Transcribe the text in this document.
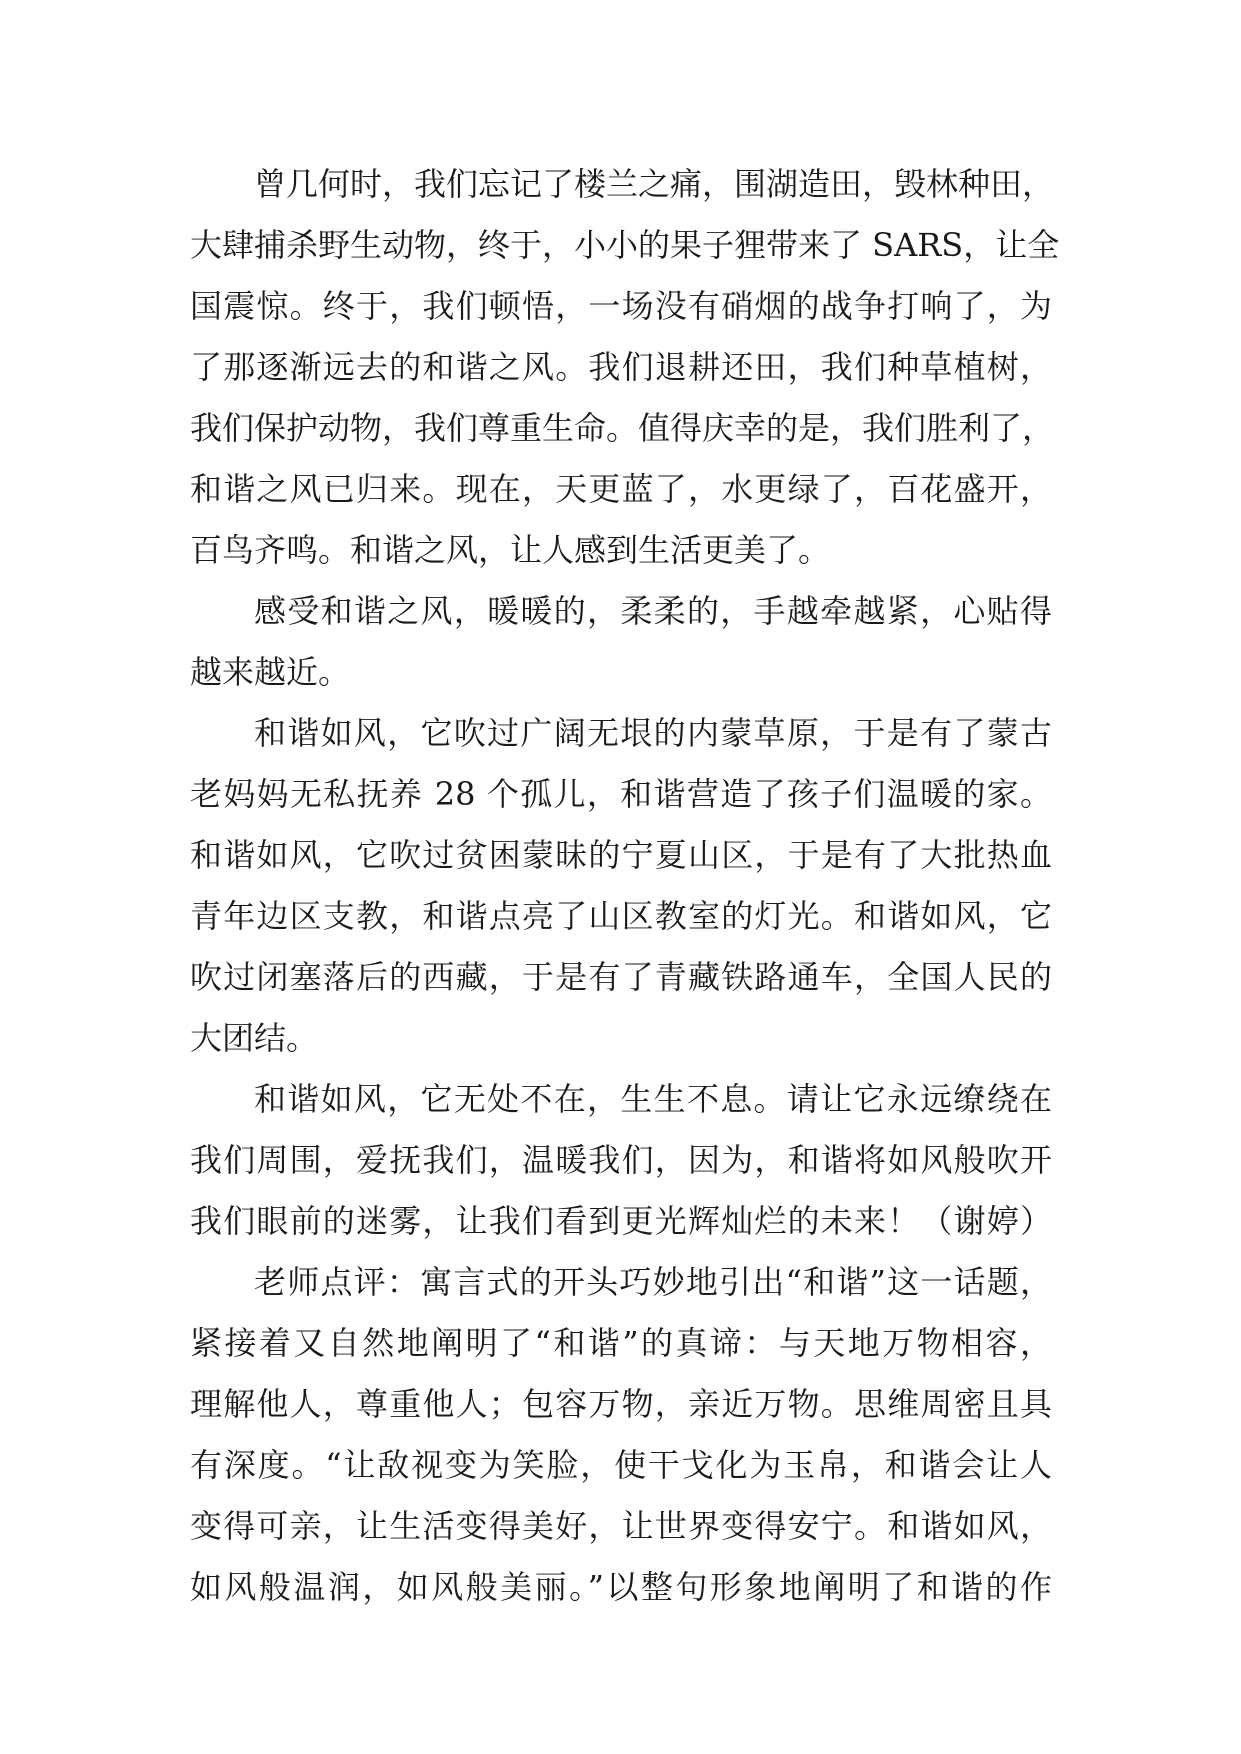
曾几何时，我们忘记了楼兰之痛，围湖造田，毁林种田，
大肆捕杀野生动物，终于，小小的果子狸带来了 SARS，让全
国震惊。终于，我们顿悟，一场没有硝烟的战争打响了，为
了那逐渐远去的和谐之风。我们退耕还田，我们种草植树，
我们保护动物，我们尊重生命。值得庆幸的是，我们胜利了，
和谐之风已归来。现在，天更蓝了，水更绿了，百花盛开，
百鸟齐鸣。和谐之风，让人感到生活更美了。
感受和谐之风，暖暖的，柔柔的，手越牵越紧，心贴得
越来越近。
和谐如风，它吹过广阔无垠的内蒙草原，于是有了蒙古
老妈妈无私抚养 28 个孤儿，和谐营造了孩子们温暖的家。
和谐如风，它吹过贫困蒙昧的宁夏山区，于是有了大批热血
青年边区支教，和谐点亮了山区教室的灯光。和谐如风，它
吹过闭塞落后的西藏，于是有了青藏铁路通车，全国人民的
大团结。
和谐如风，它无处不在，生生不息。请让它永远缭绕在
我们周围，爱抚我们，温暖我们，因为，和谐将如风般吹开
我们眼前的迷雾，让我们看到更光辉灿烂的未来！（谢婷）
老师点评：寓言式的开头巧妙地引出“和谐”这一话题，
紧接着又自然地阐明了“和谐”的真谛：与天地万物相容，
理解他人，尊重他人；包容万物，亲近万物。思维周密且具
有深度。“让敌视变为笑脸，使干戈化为玉帛，和谐会让人
变得可亲，让生活变得美好，让世界变得安宁。和谐如风，
如风般温润，如风般美丽。”以整句形象地阐明了和谐的作
